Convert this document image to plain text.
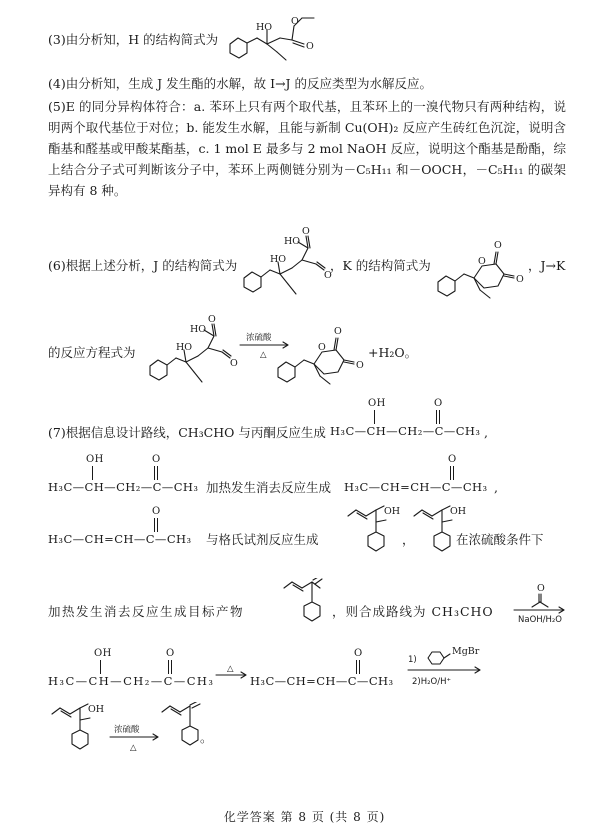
(3)由分析知，H 的结构简式为
HO
O
O
(4)由分析知，生成 J 发生酯的水解，故 I→J 的反应类型为水解反应。
(5)E 的同分异构体符合：a. 苯环上只有两个取代基，且苯环上的一溴代物只有两种结构，说明两个取代基位于对位；b. 能发生水解，且能与新制 Cu(OH)₂ 反应产生砖红色沉淀，说明含酯基和醛基或甲酸某酯基，c. 1 mol E 最多与 2 mol NaOH 反应，说明这个酯基是酚酯，综上结合分子式可判断该分子中，苯环上两侧链分别为－C₅H₁₁ 和－OOCH，－C₅H₁₁ 的碳架异构有 8 种。
(6)根据上述分析，J 的结构简式为	HO
HO
O
O
，K 的结构简式为	O
O
O
，J→K
的反应方程式为	HO
HO
O
O
浓硫酸
△
O
O
O
+H₂O。
(7)根据信息设计路线，CH₃CHO 与丙酮反应生成
OH	O
H₃C—CH—CH₂—C—CH₃ ,
OH	O
H₃C—CH—CH₂—C—CH₃ 加热发生消去反应生成
O
H₃C—CH=CH—C—CH₃ ,
O
H₃C—CH=CH—C—CH₃ 与格氏试剂反应生成
OH
，
OH
在浓硫酸条件下
加热发生消去反应生成目标产物	，则合成路线为 CH₃CHO
O
NaOH/H₂O
OH	O
H₃C—CH—CH₂—C—CH₃
△
O
H₃C—CH=CH—C—CH₃
1)
MgBr
2)H₂O/H⁺
OH
浓硫酸
△
。
化学答案 第 8 页 (共 8 页)
